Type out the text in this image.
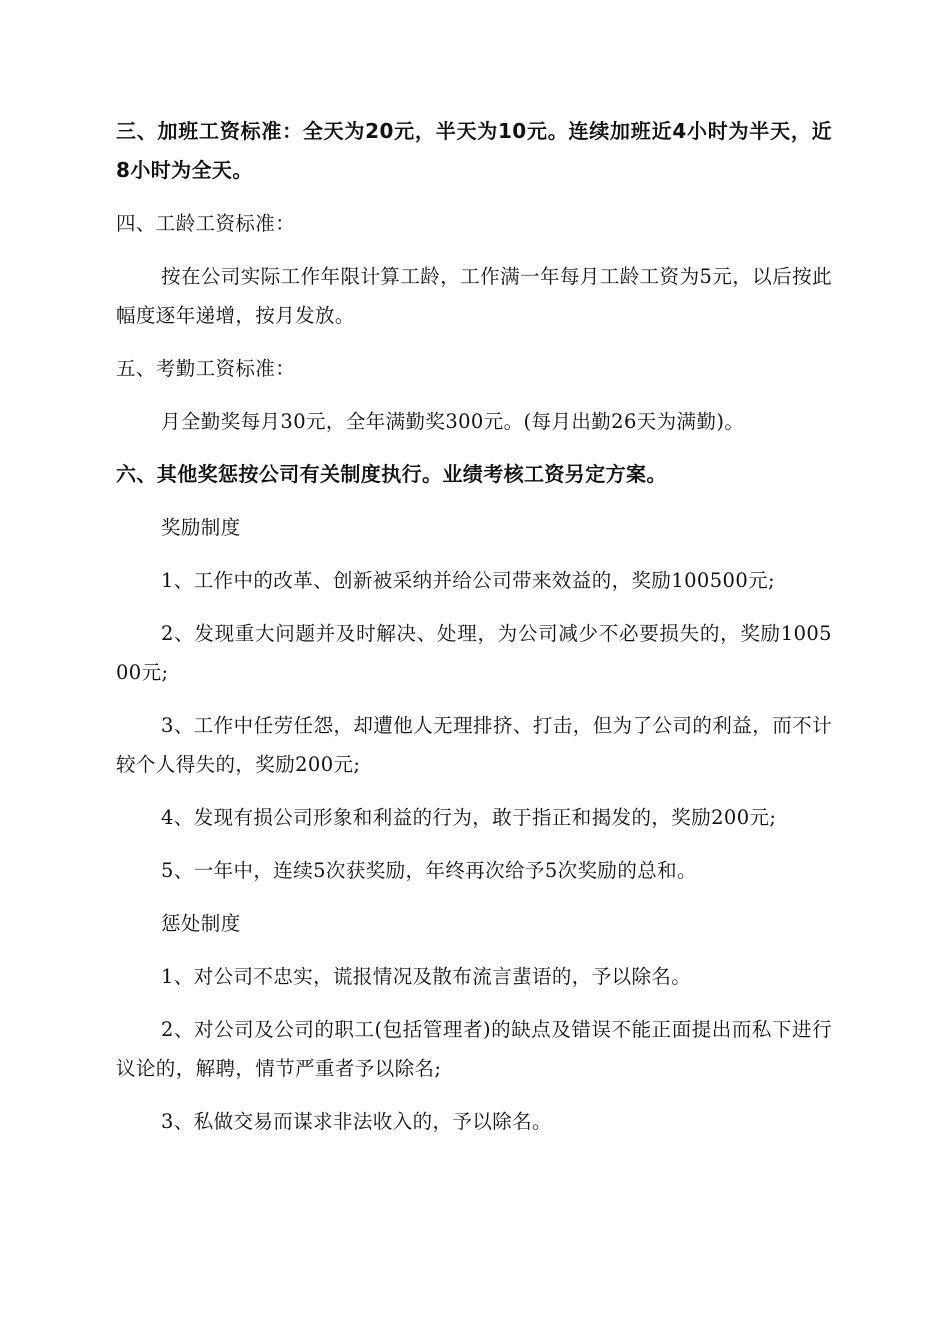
三、加班工资标准：全天为20元，半天为10元。连续加班近4小时为半天，近8小时为全天。

四、工龄工资标准：

按在公司实际工作年限计算工龄，工作满一年每月工龄工资为5元，以后按此幅度逐年递增，按月发放。

五、考勤工资标准：

月全勤奖每月30元，全年满勤奖300元。(每月出勤26天为满勤)。

六、其他奖惩按公司有关制度执行。业绩考核工资另定方案。

奖励制度

1、工作中的改革、创新被采纳并给公司带来效益的，奖励100500元;

2、发现重大问题并及时解决、处理，为公司减少不必要损失的，奖励100500元;

3、工作中任劳任怨，却遭他人无理排挤、打击，但为了公司的利益，而不计较个人得失的，奖励200元;

4、发现有损公司形象和利益的行为，敢于指正和揭发的，奖励200元;

5、一年中，连续5次获奖励，年终再次给予5次奖励的总和。

惩处制度

1、对公司不忠实，谎报情况及散布流言蜚语的，予以除名。

2、对公司及公司的职工(包括管理者)的缺点及错误不能正面提出而私下进行议论的，解聘，情节严重者予以除名;

3、私做交易而谋求非法收入的，予以除名。
